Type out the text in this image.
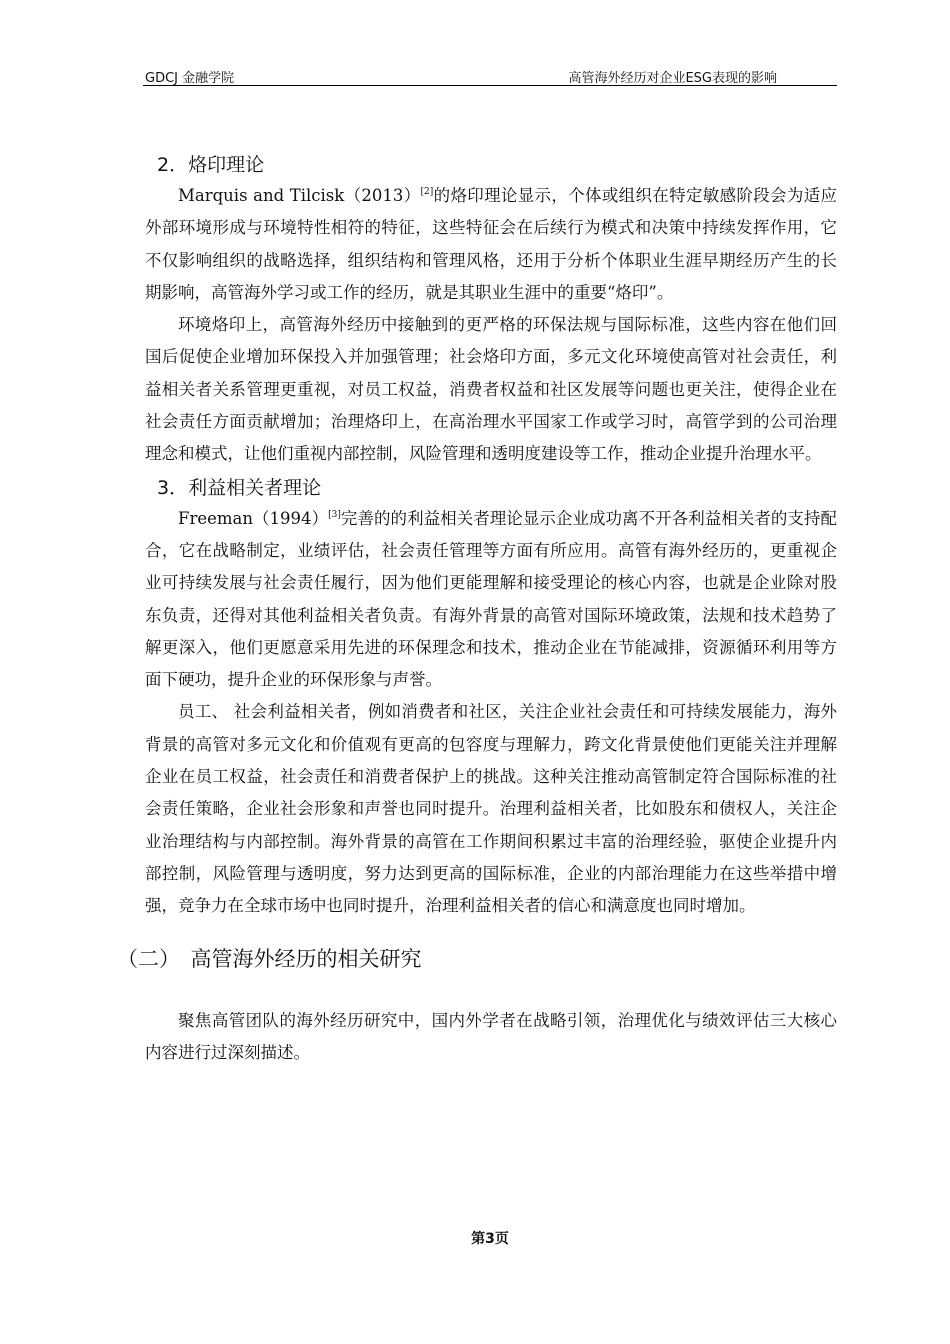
GDCJ 金融学院	高管海外经历对企业ESG表现的影响
2．烙印理论

Marquis and Tilcisk（2013）[2]的烙印理论显示，个体或组织在特定敏感阶段会为适应外部环境形成与环境特性相符的特征，这些特征会在后续行为模式和决策中持续发挥作用，它不仅影响组织的战略选择，组织结构和管理风格，还用于分析个体职业生涯早期经历产生的长期影响，高管海外学习或工作的经历，就是其职业生涯中的重要“烙印”。

环境烙印上，高管海外经历中接触到的更严格的环保法规与国际标准，这些内容在他们回国后促使企业增加环保投入并加强管理；社会烙印方面，多元文化环境使高管对社会责任，利益相关者关系管理更重视，对员工权益，消费者权益和社区发展等问题也更关注，使得企业在社会责任方面贡献增加；治理烙印上，在高治理水平国家工作或学习时，高管学到的公司治理理念和模式，让他们重视内部控制，风险管理和透明度建设等工作，推动企业提升治理水平。

3．利益相关者理论

Freeman（1994）[3]完善的的利益相关者理论显示企业成功离不开各利益相关者的支持配合，它在战略制定，业绩评估，社会责任管理等方面有所应用。高管有海外经历的，更重视企业可持续发展与社会责任履行，因为他们更能理解和接受理论的核心内容，也就是企业除对股东负责，还得对其他利益相关者负责。有海外背景的高管对国际环境政策，法规和技术趋势了解更深入，他们更愿意采用先进的环保理念和技术，推动企业在节能减排，资源循环利用等方面下硬功，提升企业的环保形象与声誉。

员工、 社会利益相关者，例如消费者和社区，关注企业社会责任和可持续发展能力，海外背景的高管对多元文化和价值观有更高的包容度与理解力，跨文化背景使他们更能关注并理解企业在员工权益，社会责任和消费者保护上的挑战。这种关注推动高管制定符合国际标准的社会责任策略，企业社会形象和声誉也同时提升。治理利益相关者，比如股东和债权人，关注企业治理结构与内部控制。海外背景的高管在工作期间积累过丰富的治理经验，驱使企业提升内部控制，风险管理与透明度，努力达到更高的国际标准，企业的内部治理能力在这些举措中增强，竞争力在全球市场中也同时提升，治理利益相关者的信心和满意度也同时增加。

（二）　高管海外经历的相关研究

聚焦高管团队的海外经历研究中，国内外学者在战略引领，治理优化与绩效评估三大核心内容进行过深刻描述。

第3页
